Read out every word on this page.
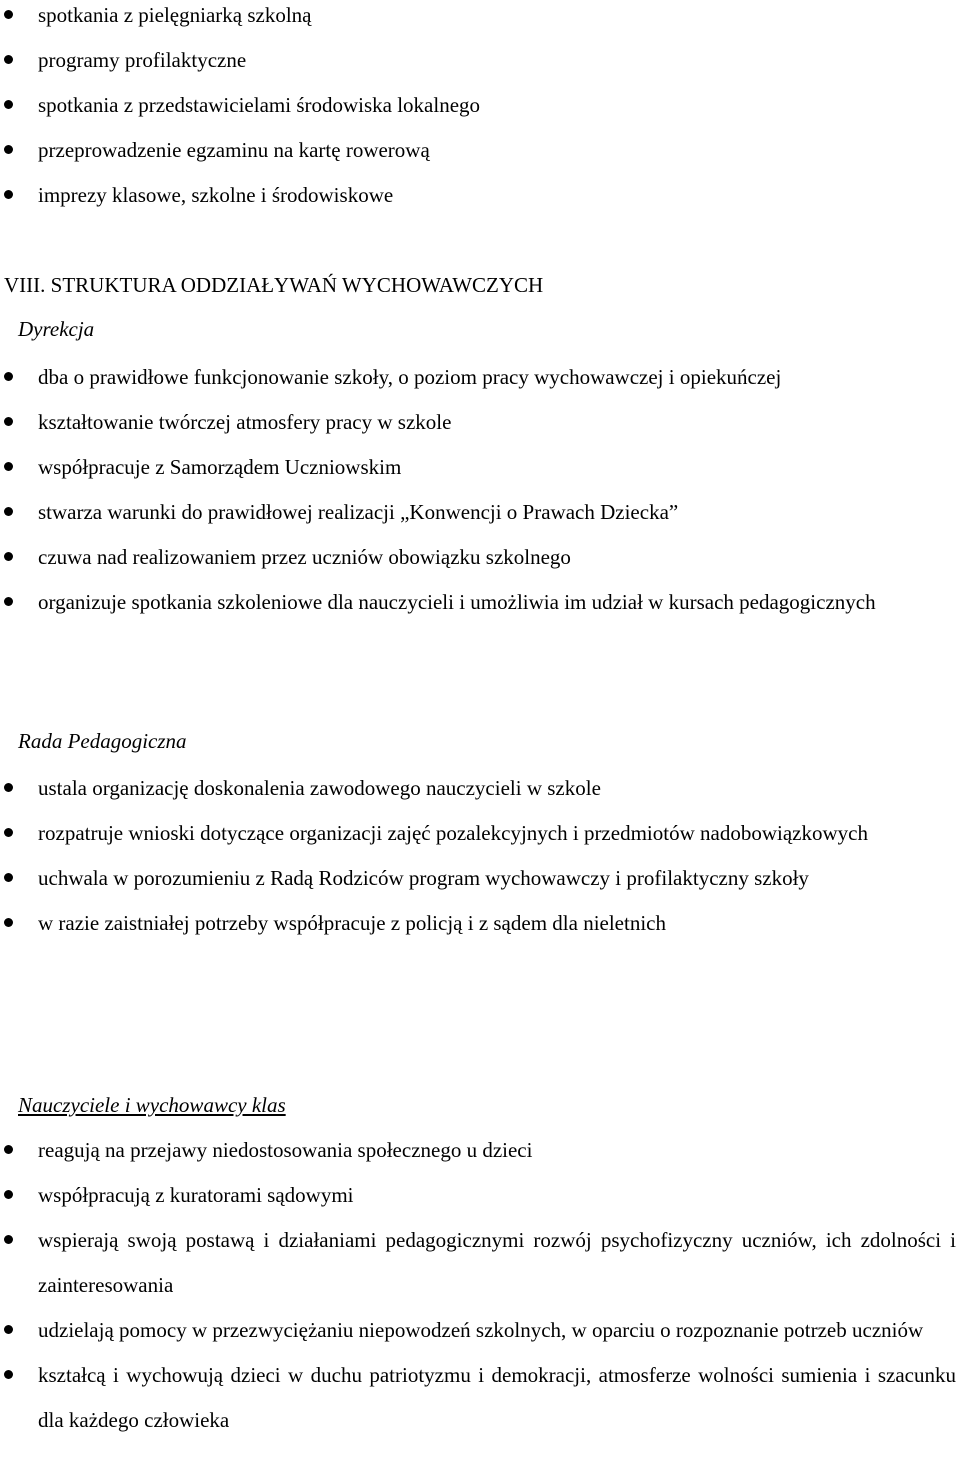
spotkania z pielęgniarką szkolną
programy profilaktyczne
spotkania z przedstawicielami środowiska lokalnego
przeprowadzenie egzaminu na kartę rowerową
imprezy klasowe, szkolne i środowiskowe
VIII. STRUKTURA ODDZIAŁYWAŃ WYCHOWAWCZYCH
Dyrekcja
dba o prawidłowe funkcjonowanie szkoły, o poziom pracy wychowawczej i opiekuńczej
kształtowanie twórczej atmosfery pracy w szkole
współpracuje z Samorządem Uczniowskim
stwarza warunki do prawidłowej realizacji „Konwencji o Prawach Dziecka”
czuwa nad realizowaniem przez uczniów obowiązku szkolnego
organizuje spotkania szkoleniowe dla nauczycieli i umożliwia im udział w kursach pedagogicznych
Rada Pedagogiczna
ustala organizację doskonalenia zawodowego nauczycieli w szkole
rozpatruje wnioski dotyczące organizacji zajęć pozalekcyjnych i przedmiotów nadobowiązkowych
uchwala w porozumieniu z Radą Rodziców program wychowawczy i profilaktyczny szkoły
w razie zaistniałej potrzeby współpracuje z policją i z sądem dla nieletnich
Nauczyciele i wychowawcy klas
reagują na przejawy niedostosowania społecznego u dzieci
współpracują z kuratorami sądowymi
wspierają swoją postawą i działaniami pedagogicznymi rozwój psychofizyczny uczniów, ich zdolności i zainteresowania
udzielają pomocy w przezwyciężaniu niepowodzeń szkolnych, w oparciu o rozpoznanie potrzeb uczniów
kształcą i wychowują dzieci w duchu patriotyzmu i demokracji, atmosferze wolności sumienia i szacunku dla każdego człowieka
